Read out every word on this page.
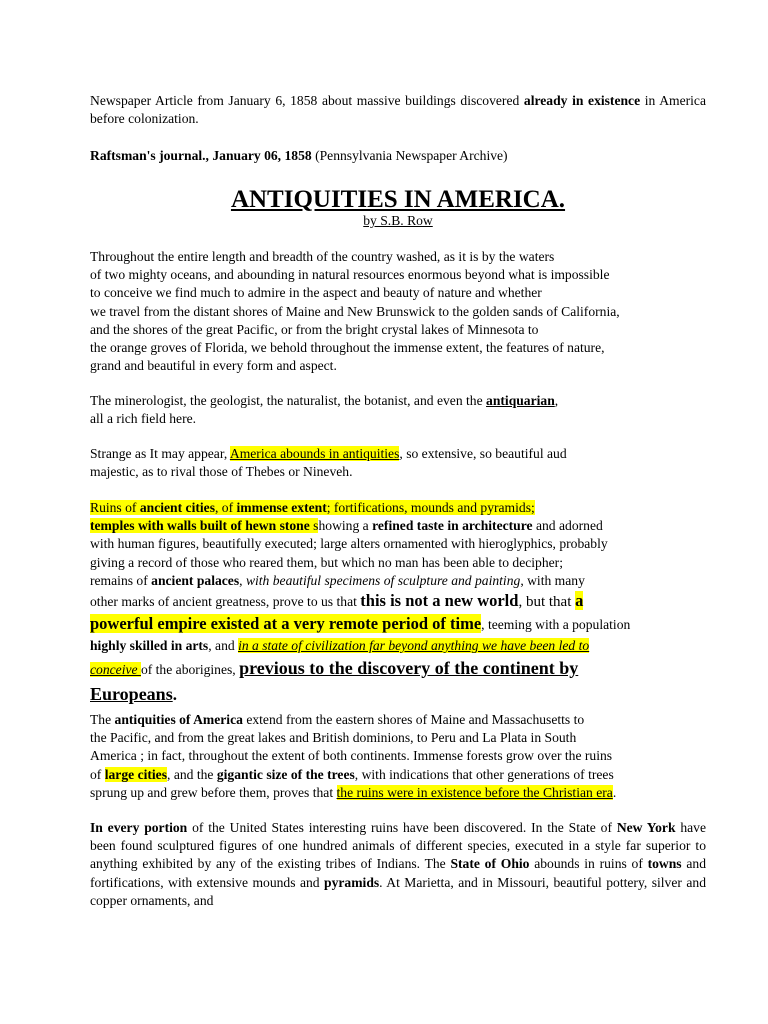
Newspaper Article from January 6, 1858 about massive buildings discovered already in existence in America before colonization.

Raftsman's journal., January 06, 1858 (Pennsylvania Newspaper Archive)

ANTIQUITIES IN AMERICA.

by S.B. Row

Throughout the entire length and breadth of the country washed, as it is by the waters
of two mighty oceans, and abounding in natural resources enormous beyond what is impossible
to conceive we find much to admire in the aspect and beauty of nature and whether
we travel from the distant shores of Maine and New Brunswick to the golden sands of California,
and the shores of the great Pacific, or from the bright crystal lakes of Minnesota to
the orange groves of Florida, we behold throughout the immense extent, the features of nature,
grand and beautiful in every form and aspect.
The minerologist, the geologist, the naturalist, the botanist, and even the antiquarian,
all a rich field here.
Strange as It may appear, America abounds in antiquities, so extensive, so beautiful aud
majestic, as to rival those of Thebes or Nineveh.
Ruins of ancient cities, of immense extent; fortifications, mounds and pyramids;
temples with walls built of hewn stone showing a refined taste in architecture and adorned
with human figures, beautifully executed; large alters ornamented with hieroglyphics, probably
giving a record of those who reared them, but which no man has been able to decipher;
remains of ancient palaces, with beautiful specimens of sculpture and painting, with many
other marks of ancient greatness, prove to us that this is not a new world, but that a
powerful empire existed at a very remote period of time, teeming with a population
highly skilled in arts, and in a state of civilization far beyond anything we have been led to
conceive of the aborigines, previous to the discovery of the continent by
Europeans.
The antiquities of America extend from the eastern shores of Maine and Massachusetts to
the Pacific, and from the great lakes and British dominions, to Peru and La Plata in South
America ; in fact, throughout the extent of both continents. Immense forests grow over the ruins
of large cities, and the gigantic size of the trees, with indications that other generations of trees
sprung up and grew before them, proves that the ruins were in existence before the Christian era.

In every portion of the United States interesting ruins have been discovered. In the State of New York have been found sculptured figures of one hundred animals of different species, executed in a style far superior to anything exhibited by any of the existing tribes of Indians. The State of Ohio abounds in ruins of towns and fortifications, with extensive mounds and pyramids. At Marietta, and in Missouri, beautiful pottery, silver and copper ornaments, and
